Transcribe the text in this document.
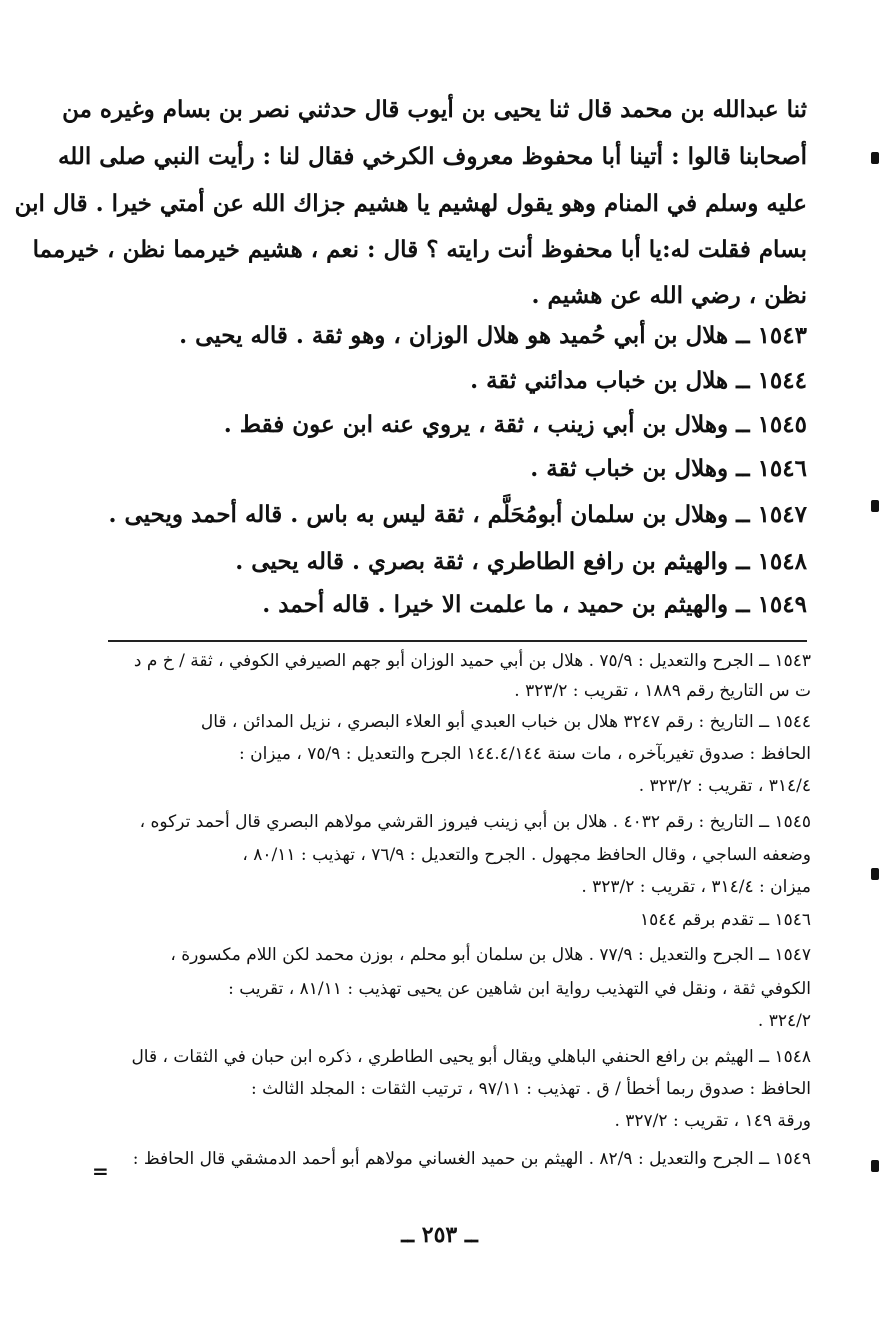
ثنا عبدالله بن محمد قال ثنا يحيى بن أيوب قال حدثني نصر بن بسام وغيره من
أصحابنا قالوا : أتينا أبا محفوظ معروف الكرخي فقال لنا : رأيت النبي صلى الله
عليه وسلم في المنام وهو يقول لهشيم يا هشيم جزاك الله عن أمتي خيرا . قال ابن
بسام فقلت له:يا أبا محفوظ أنت رايته ؟ قال : نعم ، هشيم خيرمما نظن ، خيرمما
نظن ، رضي الله عن هشيم .
١٥٤٣ ــ هلال بن أبي حُميد هو هلال الوزان ، وهو ثقة . قاله يحيى .
١٥٤٤ ــ هلال بن خباب مدائني ثقة .
١٥٤٥ ــ وهلال بن أبي زينب ، ثقة ، يروي عنه ابن عون فقط .
١٥٤٦ ــ وهلال بن خباب ثقة .
١٥٤٧ ــ وهلال بن سلمان أبومُحَلَّم ، ثقة ليس به باس . قاله أحمد ويحيى .
١٥٤٨ ــ والهيثم بن رافع الطاطري ، ثقة بصري . قاله يحيى .
١٥٤٩ ــ والهيثم بن حميد ، ما علمت الا خيرا . قاله أحمد .
١٥٤٣ ــ الجرح والتعديل : ٧٥/٩ . هلال بن أبي حميد الوزان أبو جهم الصيرفي الكوفي ، ثقة / خ م د
ت س التاريخ رقم ١٨٨٩ ، تقريب : ٣٢٣/٢ .
١٥٤٤ ــ التاريخ : رقم ٣٢٤٧ هلال بن خباب العبدي أبو العلاء البصري ، نزيل المدائن ، قال
الحافظ : صدوق تغيربآخره ، مات سنة ١٤٤.٤/١٤٤ الجرح والتعديل : ٧٥/٩ ، ميزان :
٣١٤/٤ ، تقريب : ٣٢٣/٢ .
١٥٤٥ ــ التاريخ : رقم ٤٠٣٢ . هلال بن أبي زينب فيروز القرشي مولاهم البصري قال أحمد تركوه ،
وضعفه الساجي ، وقال الحافظ مجهول . الجرح والتعديل : ٧٦/٩ ، تهذيب : ٨٠/١١ ،
ميزان : ٣١٤/٤ ، تقريب : ٣٢٣/٢ .
١٥٤٦ ــ تقدم برقم ١٥٤٤
١٥٤٧ ــ الجرح والتعديل : ٧٧/٩ . هلال بن سلمان أبو محلم ، بوزن محمد لكن اللام مكسورة ،
الكوفي ثقة ، ونقل في التهذيب رواية ابن شاهين عن يحيى تهذيب : ٨١/١١ ، تقريب :
٣٢٤/٢ .
١٥٤٨ ــ الهيثم بن رافع الحنفي الباهلي ويقال أبو يحيى الطاطري ، ذكره ابن حبان في الثقات ، قال
الحافظ : صدوق ربما أخطأ / ق . تهذيب : ٩٧/١١ ، ترتيب الثقات : المجلد الثالث :
ورقة ١٤٩ ، تقريب : ٣٢٧/٢ .
١٥٤٩ ــ الجرح والتعديل : ٨٢/٩ . الهيثم بن حميد الغساني مولاهم أبو أحمد الدمشقي قال الحافظ :
=
ــ ٢٥٣ ــ
